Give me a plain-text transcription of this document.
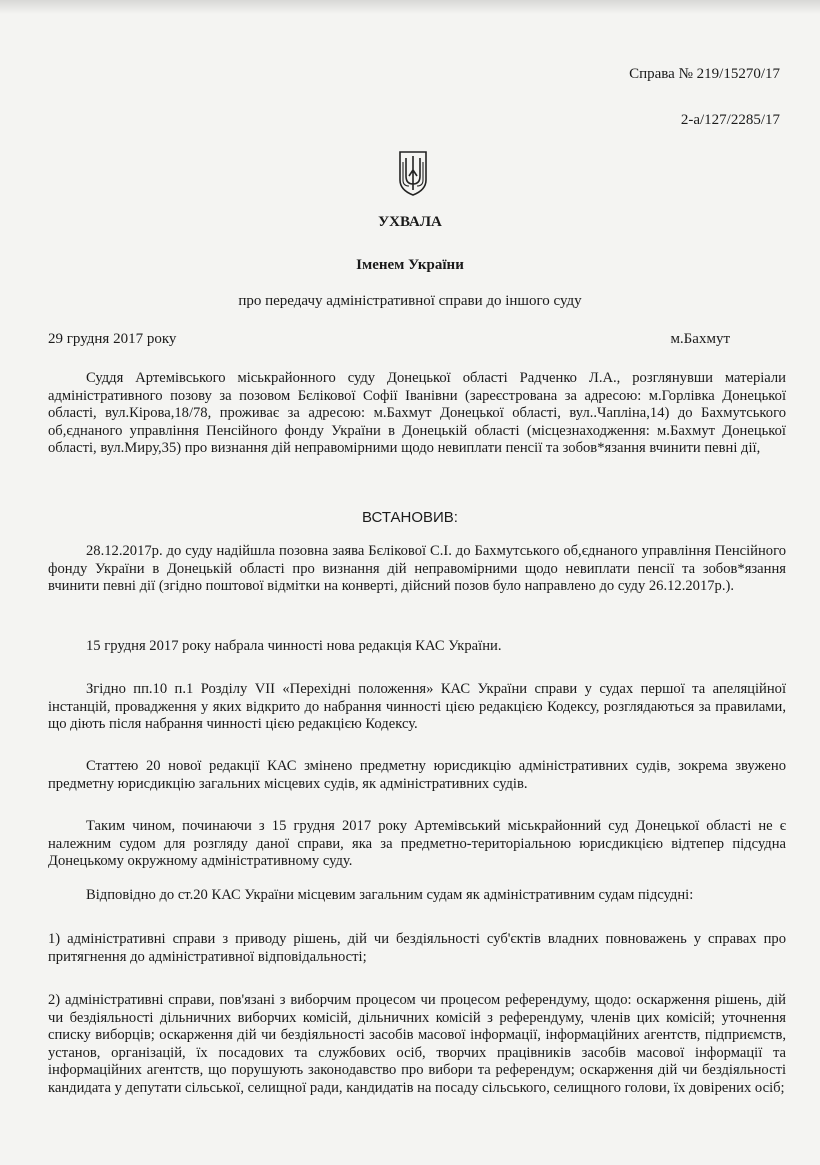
Справа № 219/15270/17
2-а/127/2285/17
УХВАЛА
Іменем України
про передачу адміністративної справи до іншого суду
29 грудня 2017 року	м.Бахмут

Суддя Артемівського міськрайонного суду Донецької області Радченко Л.А., розглянувши матеріали адміністративного позову за позовом Бєлікової Софії Іванівни (зареєстрована за адресою: м.Горлівка Донецької області, вул.Кірова,18/78, проживає за адресою: м.Бахмут Донецької області, вул..Чапліна,14) до Бахмутського об,єднаного управління Пенсійного фонду України в Донецькій області (місцезнаходження: м.Бахмут Донецької області, вул.Миру,35) про визнання дій неправомірними щодо невиплати пенсії та зобов*язання вчинити певні дії,

ВСТАНОВИВ:

28.12.2017р. до суду надійшла позовна заява Бєлікової С.І. до Бахмутського об,єднаного управління Пенсійного фонду України в Донецькій області про визнання дій неправомірними щодо невиплати пенсії та зобов*язання вчинити певні дії (згідно поштової відмітки на конверті, дійсний позов було направлено до суду 26.12.2017р.).

15 грудня 2017 року набрала чинності нова редакція КАС України.

Згідно пп.10 п.1 Розділу VII «Перехідні положення» КАС України справи у судах першої та апеляційної інстанцій, провадження у яких відкрито до набрання чинності цією редакцією Кодексу, розглядаються за правилами, що діють після набрання чинності цією редакцією Кодексу.

Статтею 20 нової редакції КАС змінено предметну юрисдикцію адміністративних судів, зокрема звужено предметну юрисдикцію загальних місцевих судів, як адміністративних судів.

Таким чином, починаючи з 15 грудня 2017 року Артемівський міськрайонний суд Донецької області не є належним судом для розгляду даної справи, яка за предметно-територіальною юрисдикцією відтепер підсудна Донецькому окружному адміністративному суду.

Відповідно до ст.20 КАС України місцевим загальним судам як адміністративним судам підсудні:

1) адміністративні справи з приводу рішень, дій чи бездіяльності суб'єктів владних повноважень у справах про притягнення до адміністративної відповідальності;

2) адміністративні справи, пов'язані з виборчим процесом чи процесом референдуму, щодо: оскарження рішень, дій чи бездіяльності дільничних виборчих комісій, дільничних комісій з референдуму, членів цих комісій; уточнення списку виборців; оскарження дій чи бездіяльності засобів масової інформації, інформаційних агентств, підприємств, установ, організацій, їх посадових та службових осіб, творчих працівників засобів масової інформації та інформаційних агентств, що порушують законодавство про вибори та референдум; оскарження дій чи бездіяльності кандидата у депутати сільської, селищної ради, кандидатів на посаду сільського, селищного голови, їх довірених осіб;
